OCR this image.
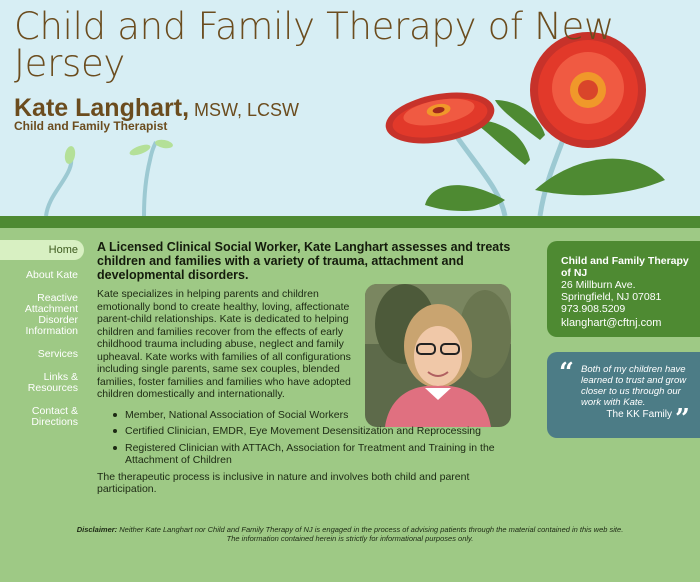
Child and Family Therapy of New Jersey
Kate Langhart, MSW, LCSW
Child and Family Therapist
Home
About Kate
Reactive Attachment Disorder Information
Services
Links & Resources
Contact & Directions

A Licensed Clinical Social Worker, Kate Langhart assesses and treats children and families with a variety of trauma, attachment and developmental disorders.

Kate specializes in helping parents and children emotionally bond to create healthy, loving, affectionate parent-child relationships. Kate is dedicated to helping children and families recover from the effects of early childhood trauma including abuse, neglect and family upheaval. Kate works with families of all configurations including single parents, same sex couples, blended families, foster families and families who have adopted children domestically and internationally.

Member, National Association of Social Workers
Certified Clinician, EMDR, Eye Movement Desensitization and Reprocessing
Registered Clinician with ATTACh, Association for Treatment and Training in the Attachment of Children

The therapeutic process is inclusive in nature and involves both child and parent participation.

Child and Family Therapy of NJ
26 Millburn Ave.
Springfield, NJ 07081
973.908.5209
klanghart@cftnj.com
“ Both of my children have learned to trust and grow closer to us through our work with Kate.
The KK Family ”
Disclaimer: Neither Kate Langhart nor Child and Family Therapy of NJ is engaged in the process of advising patients through the material contained in this web site.
The information contained herein is strictly for informational purposes only.
